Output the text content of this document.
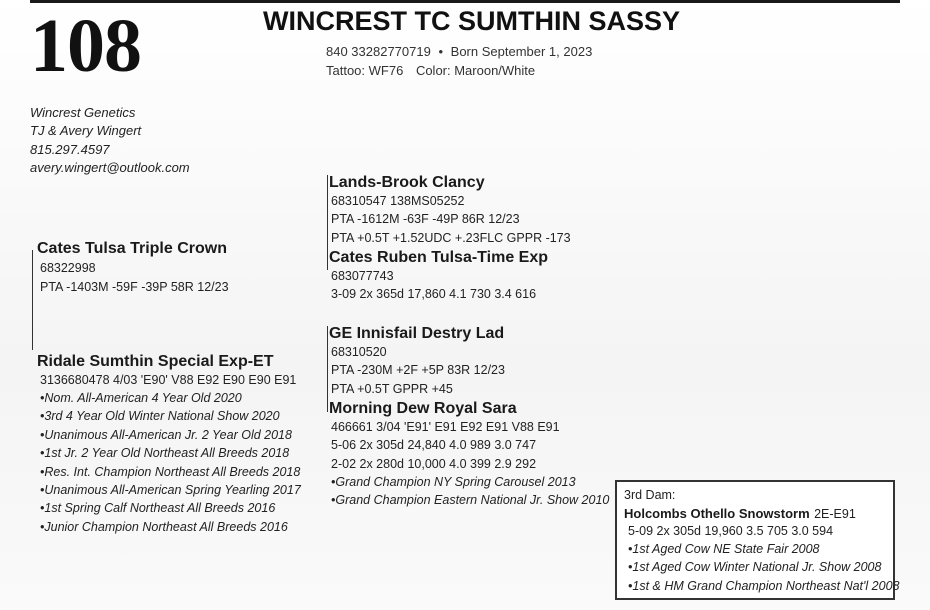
108	WINCREST TC SUMTHIN SASSY
840 33282770719 • Born September 1, 2023
Tattoo: WF76 Color: Maroon/White
Wincrest Genetics
TJ & Avery Wingert
815.297.4597
avery.wingert@outlook.com
Cates Tulsa Triple Crown
68322998
PTA -1403M -59F -39P 58R 12/23
Lands-Brook Clancy
68310547 138MS05252
PTA -1612M -63F -49P 86R 12/23
PTA +0.5T +1.52UDC +.23FLC GPPR -173
Cates Ruben Tulsa-Time Exp
683077743
3-09 2x 365d 17,860 4.1 730 3.4 616
Ridale Sumthin Special Exp-ET
3136680478 4/03 'E90' V88 E92 E90 E90 E91
•Nom. All-American 4 Year Old 2020
•3rd 4 Year Old Winter National Show 2020
•Unanimous All-American Jr. 2 Year Old 2018
•1st Jr. 2 Year Old Northeast All Breeds 2018
•Res. Int. Champion Northeast All Breeds 2018
•Unanimous All-American Spring Yearling 2017
•1st Spring Calf Northeast All Breeds 2016
•Junior Champion Northeast All Breeds 2016
GE Innisfail Destry Lad
68310520
PTA -230M +2F +5P 83R 12/23
PTA +0.5T GPPR +45
Morning Dew Royal Sara
466661 3/04 'E91' E91 E92 E91 V88 E91
5-06 2x 305d 24,840 4.0 989 3.0 747
2-02 2x 280d 10,000 4.0 399 2.9 292
•Grand Champion NY Spring Carousel 2013
•Grand Champion Eastern National Jr. Show 2010 3rd Dam:
Holcombs Othello Snowstorm 2E-E91
5-09 2x 305d 19,960 3.5 705 3.0 594
•1st Aged Cow NE State Fair 2008
•1st Aged Cow Winter National Jr. Show 2008
•1st & HM Grand Champion Northeast Nat'l 2008
